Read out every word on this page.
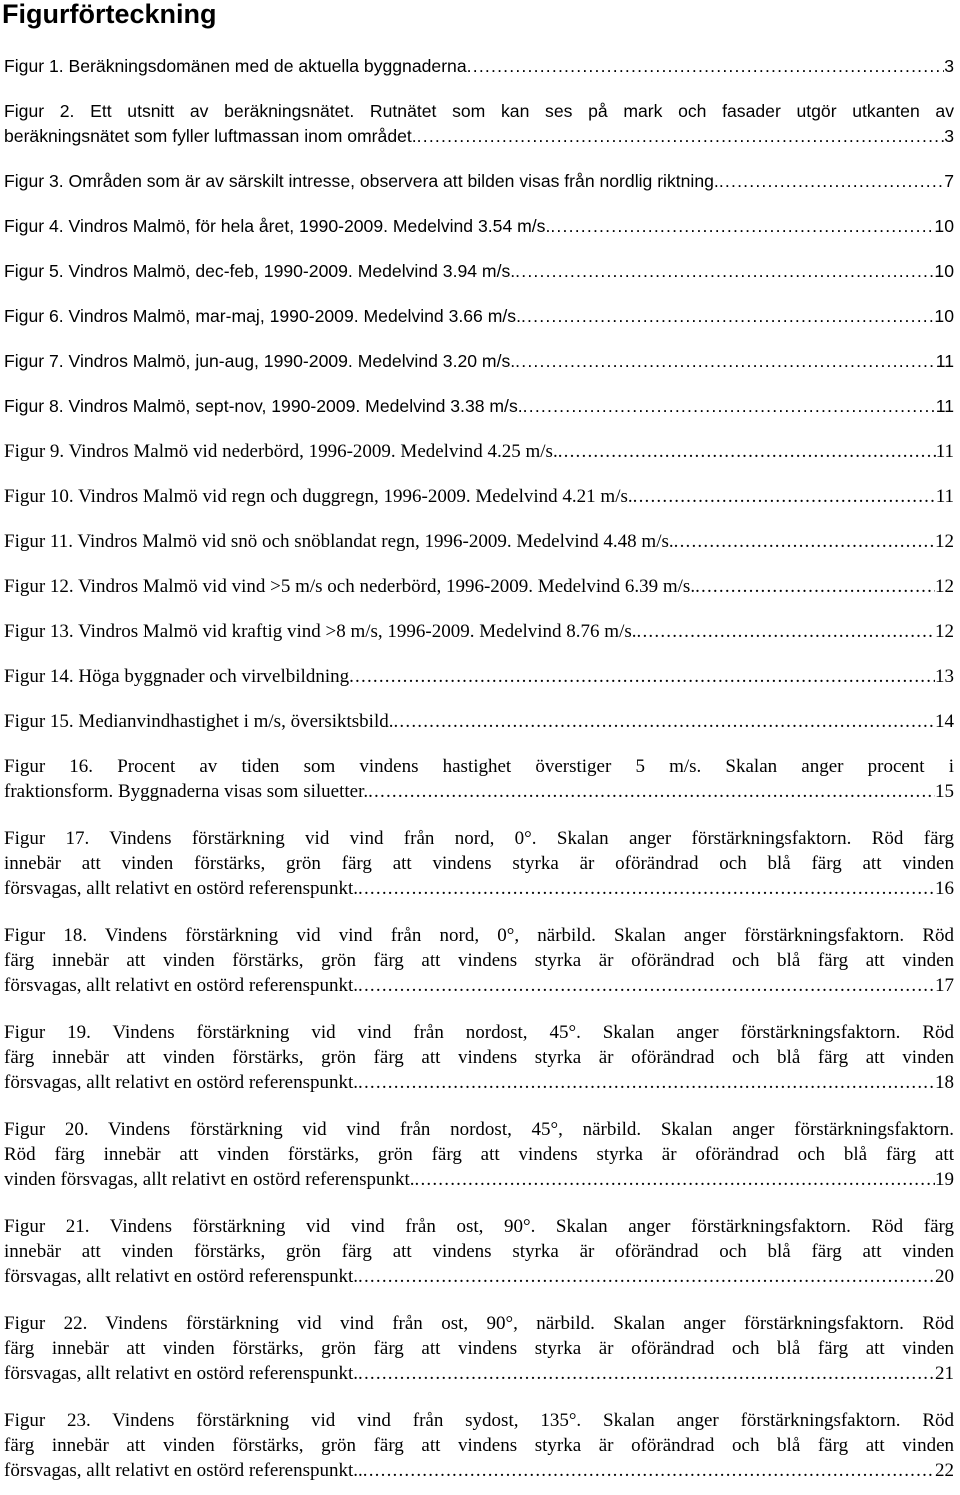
Figurförteckning
Figur 1. Beräkningsdomänen med de aktuella byggnaderna .....	3
Figur 2. Ett utsnitt av beräkningsnätet. Rutnätet som kan ses på mark och fasader utgör utkanten av
beräkningsnätet som fyller luftmassan inom området. .....	3
Figur 3. Områden som är av särskilt intresse, observera att bilden visas från nordlig riktning. .....	7
Figur 4. Vindros Malmö, för hela året, 1990-2009. Medelvind 3.54 m/s. .....	10
Figur 5. Vindros Malmö, dec-feb, 1990-2009. Medelvind 3.94 m/s. .....	10
Figur 6. Vindros Malmö, mar-maj, 1990-2009. Medelvind 3.66 m/s. .....	10
Figur 7. Vindros Malmö, jun-aug, 1990-2009. Medelvind 3.20 m/s. .....	11
Figur 8. Vindros Malmö, sept-nov, 1990-2009. Medelvind 3.38 m/s. .....	11
Figur 9. Vindros Malmö vid nederbörd, 1996-2009. Medelvind 4.25 m/s. .....	11
Figur 10. Vindros Malmö vid regn och duggregn, 1996-2009. Medelvind 4.21 m/s. .....	11
Figur 11. Vindros Malmö vid snö och snöblandat regn, 1996-2009. Medelvind 4.48 m/s. .....	12
Figur 12. Vindros Malmö vid vind >5 m/s och nederbörd, 1996-2009. Medelvind 6.39 m/s. .....	12
Figur 13. Vindros Malmö vid kraftig vind >8 m/s, 1996-2009. Medelvind 8.76 m/s. .....	12
Figur 14. Höga byggnader och virvelbildning .....	13
Figur 15. Medianvindhastighet i m/s, översiktsbild. .....	14
Figur 16. Procent av tiden som vindens hastighet överstiger 5 m/s. Skalan anger procent i
fraktionsform. Byggnaderna visas som siluetter. .....	15
Figur 17. Vindens förstärkning vid vind från nord, 0°. Skalan anger förstärkningsfaktorn. Röd färg
innebär att vinden förstärks, grön färg att vindens styrka är oförändrad och blå färg att vinden
försvagas, allt relativt en ostörd referenspunkt. .....	16
Figur 18. Vindens förstärkning vid vind från nord, 0°, närbild. Skalan anger förstärkningsfaktorn. Röd
färg innebär att vinden förstärks, grön färg att vindens styrka är oförändrad och blå färg att vinden
försvagas, allt relativt en ostörd referenspunkt. .....	17
Figur 19. Vindens förstärkning vid vind från nordost, 45°. Skalan anger förstärkningsfaktorn. Röd
färg innebär att vinden förstärks, grön färg att vindens styrka är oförändrad och blå färg att vinden
försvagas, allt relativt en ostörd referenspunkt. .....	18
Figur 20. Vindens förstärkning vid vind från nordost, 45°, närbild. Skalan anger förstärkningsfaktorn.
Röd färg innebär att vinden förstärks, grön färg att vindens styrka är oförändrad och blå färg att
vinden försvagas, allt relativt en ostörd referenspunkt. .....	19
Figur 21. Vindens förstärkning vid vind från ost, 90°. Skalan anger förstärkningsfaktorn. Röd färg
innebär att vinden förstärks, grön färg att vindens styrka är oförändrad och blå färg att vinden
försvagas, allt relativt en ostörd referenspunkt. .....	20
Figur 22. Vindens förstärkning vid vind från ost, 90°, närbild. Skalan anger förstärkningsfaktorn. Röd
färg innebär att vinden förstärks, grön färg att vindens styrka är oförändrad och blå färg att vinden
försvagas, allt relativt en ostörd referenspunkt. .....	21
Figur 23. Vindens förstärkning vid vind från sydost, 135°. Skalan anger förstärkningsfaktorn. Röd
färg innebär att vinden förstärks, grön färg att vindens styrka är oförändrad och blå färg att vinden
försvagas, allt relativt en ostörd referenspunkt.. .....	22
